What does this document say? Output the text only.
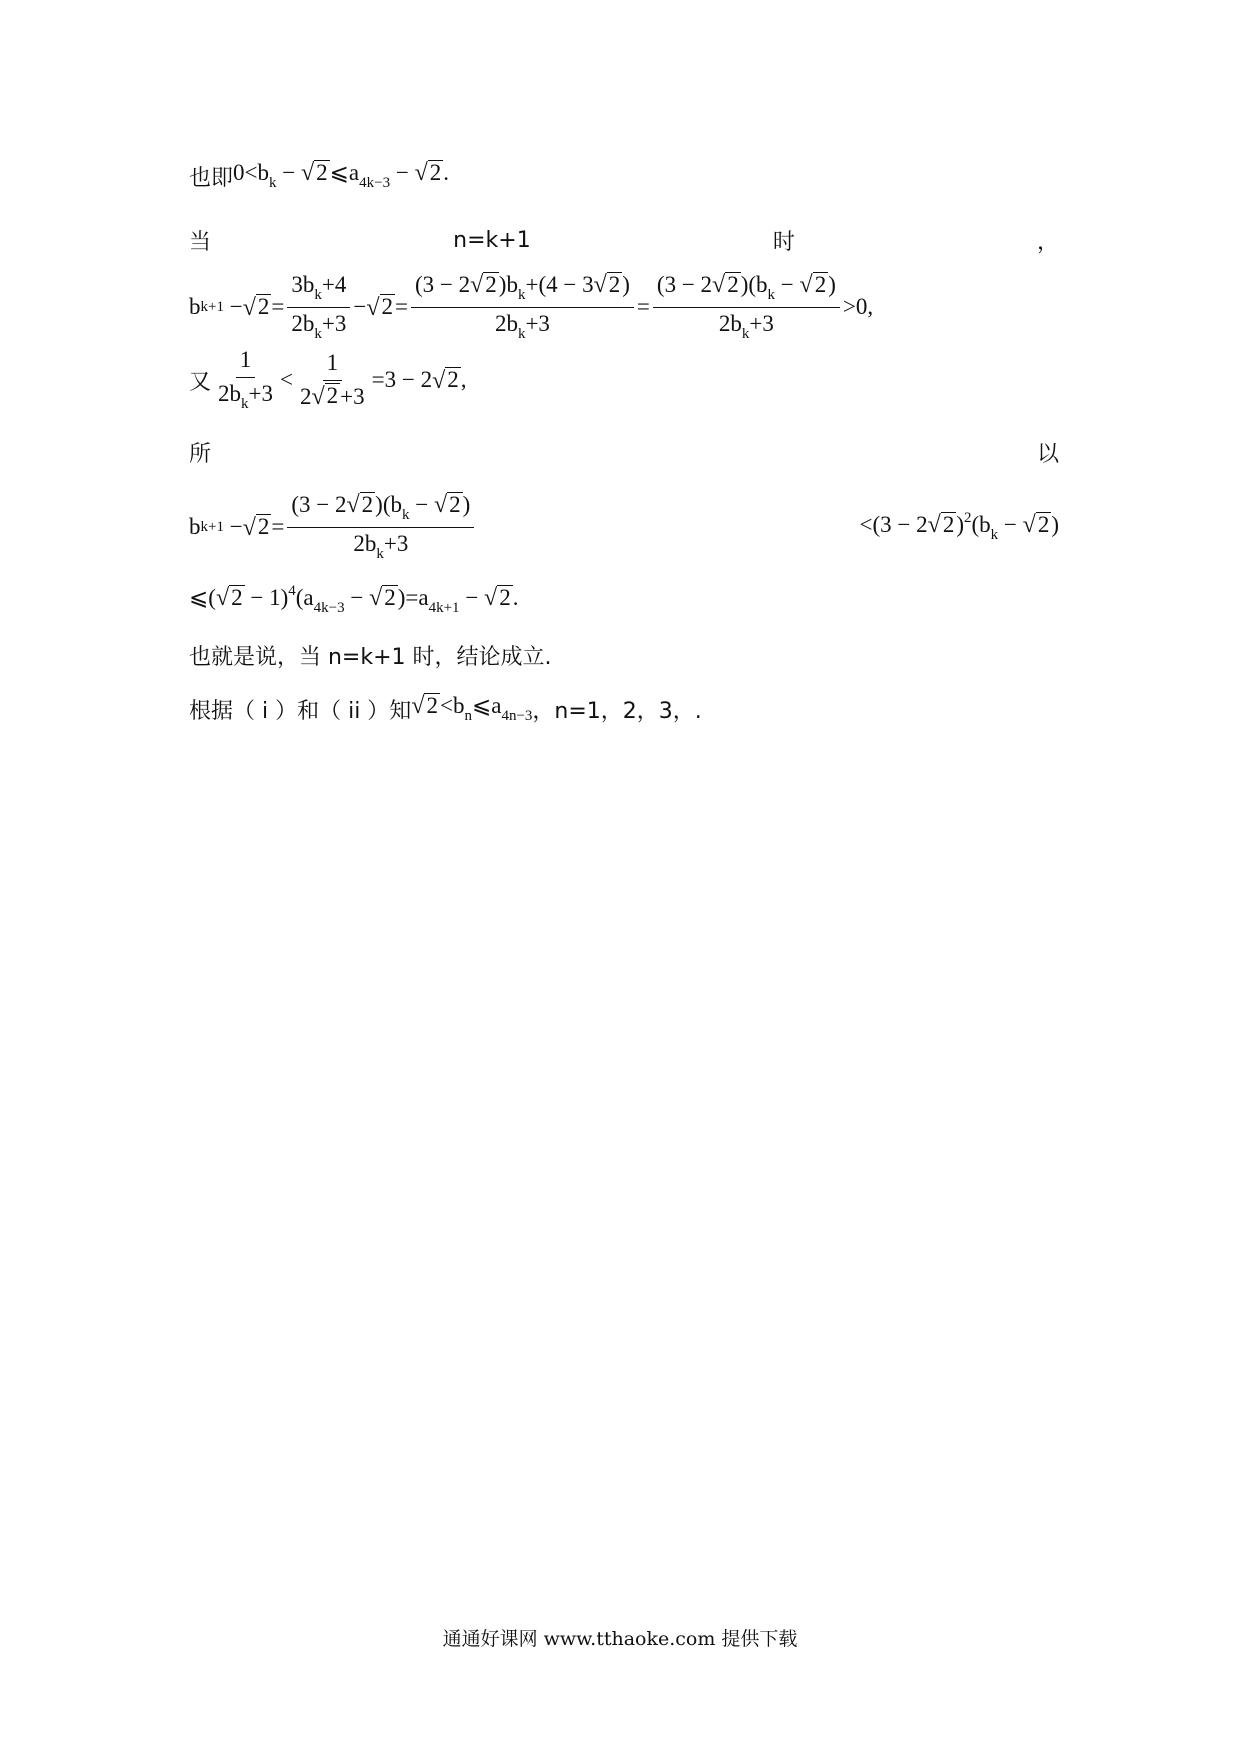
也即 $0<b_k$ − √ 2 $⩽a_{4k-3}$ − √ 2 .
当	n=k+1	时	，
b k+1 − √ $2 = \frac{3b_k+4}{2b_k+3}$ − √ $2 = \frac{(3 - 2 √ 2 )b_k+(4 - 3 √ 2 )}{2b_k+3} = \frac{(3 - 2 √ 2 )(b_k - √ 2 )}{2b_k+3} >0$,
又 $\frac{1}{2b_k+3} < \frac{1}{2 √ 2 +3} =3 - 2$ √ 2 ,
所	以
b k+1 − √ $2 = \frac{(3 - 2 √ 2 )(b_k - √ 2 )}{2b_k+3}$	<(3 − 2 √ 2 )$^2(b_k$ − √ 2 )
⩽( √ $2 - 1)^4(a_{4k-3}$ − √ 2 )$=a_{4k+1}$ − √ 2 .
也就是说，当 n=k+1 时，结论成立.
根据（ i ）和（ ii ）知 √ $2 <b_n⩽a_{4n-3}$ ，n=1，2，3，.
通通好课网 www.tthaoke.com 提供下载
